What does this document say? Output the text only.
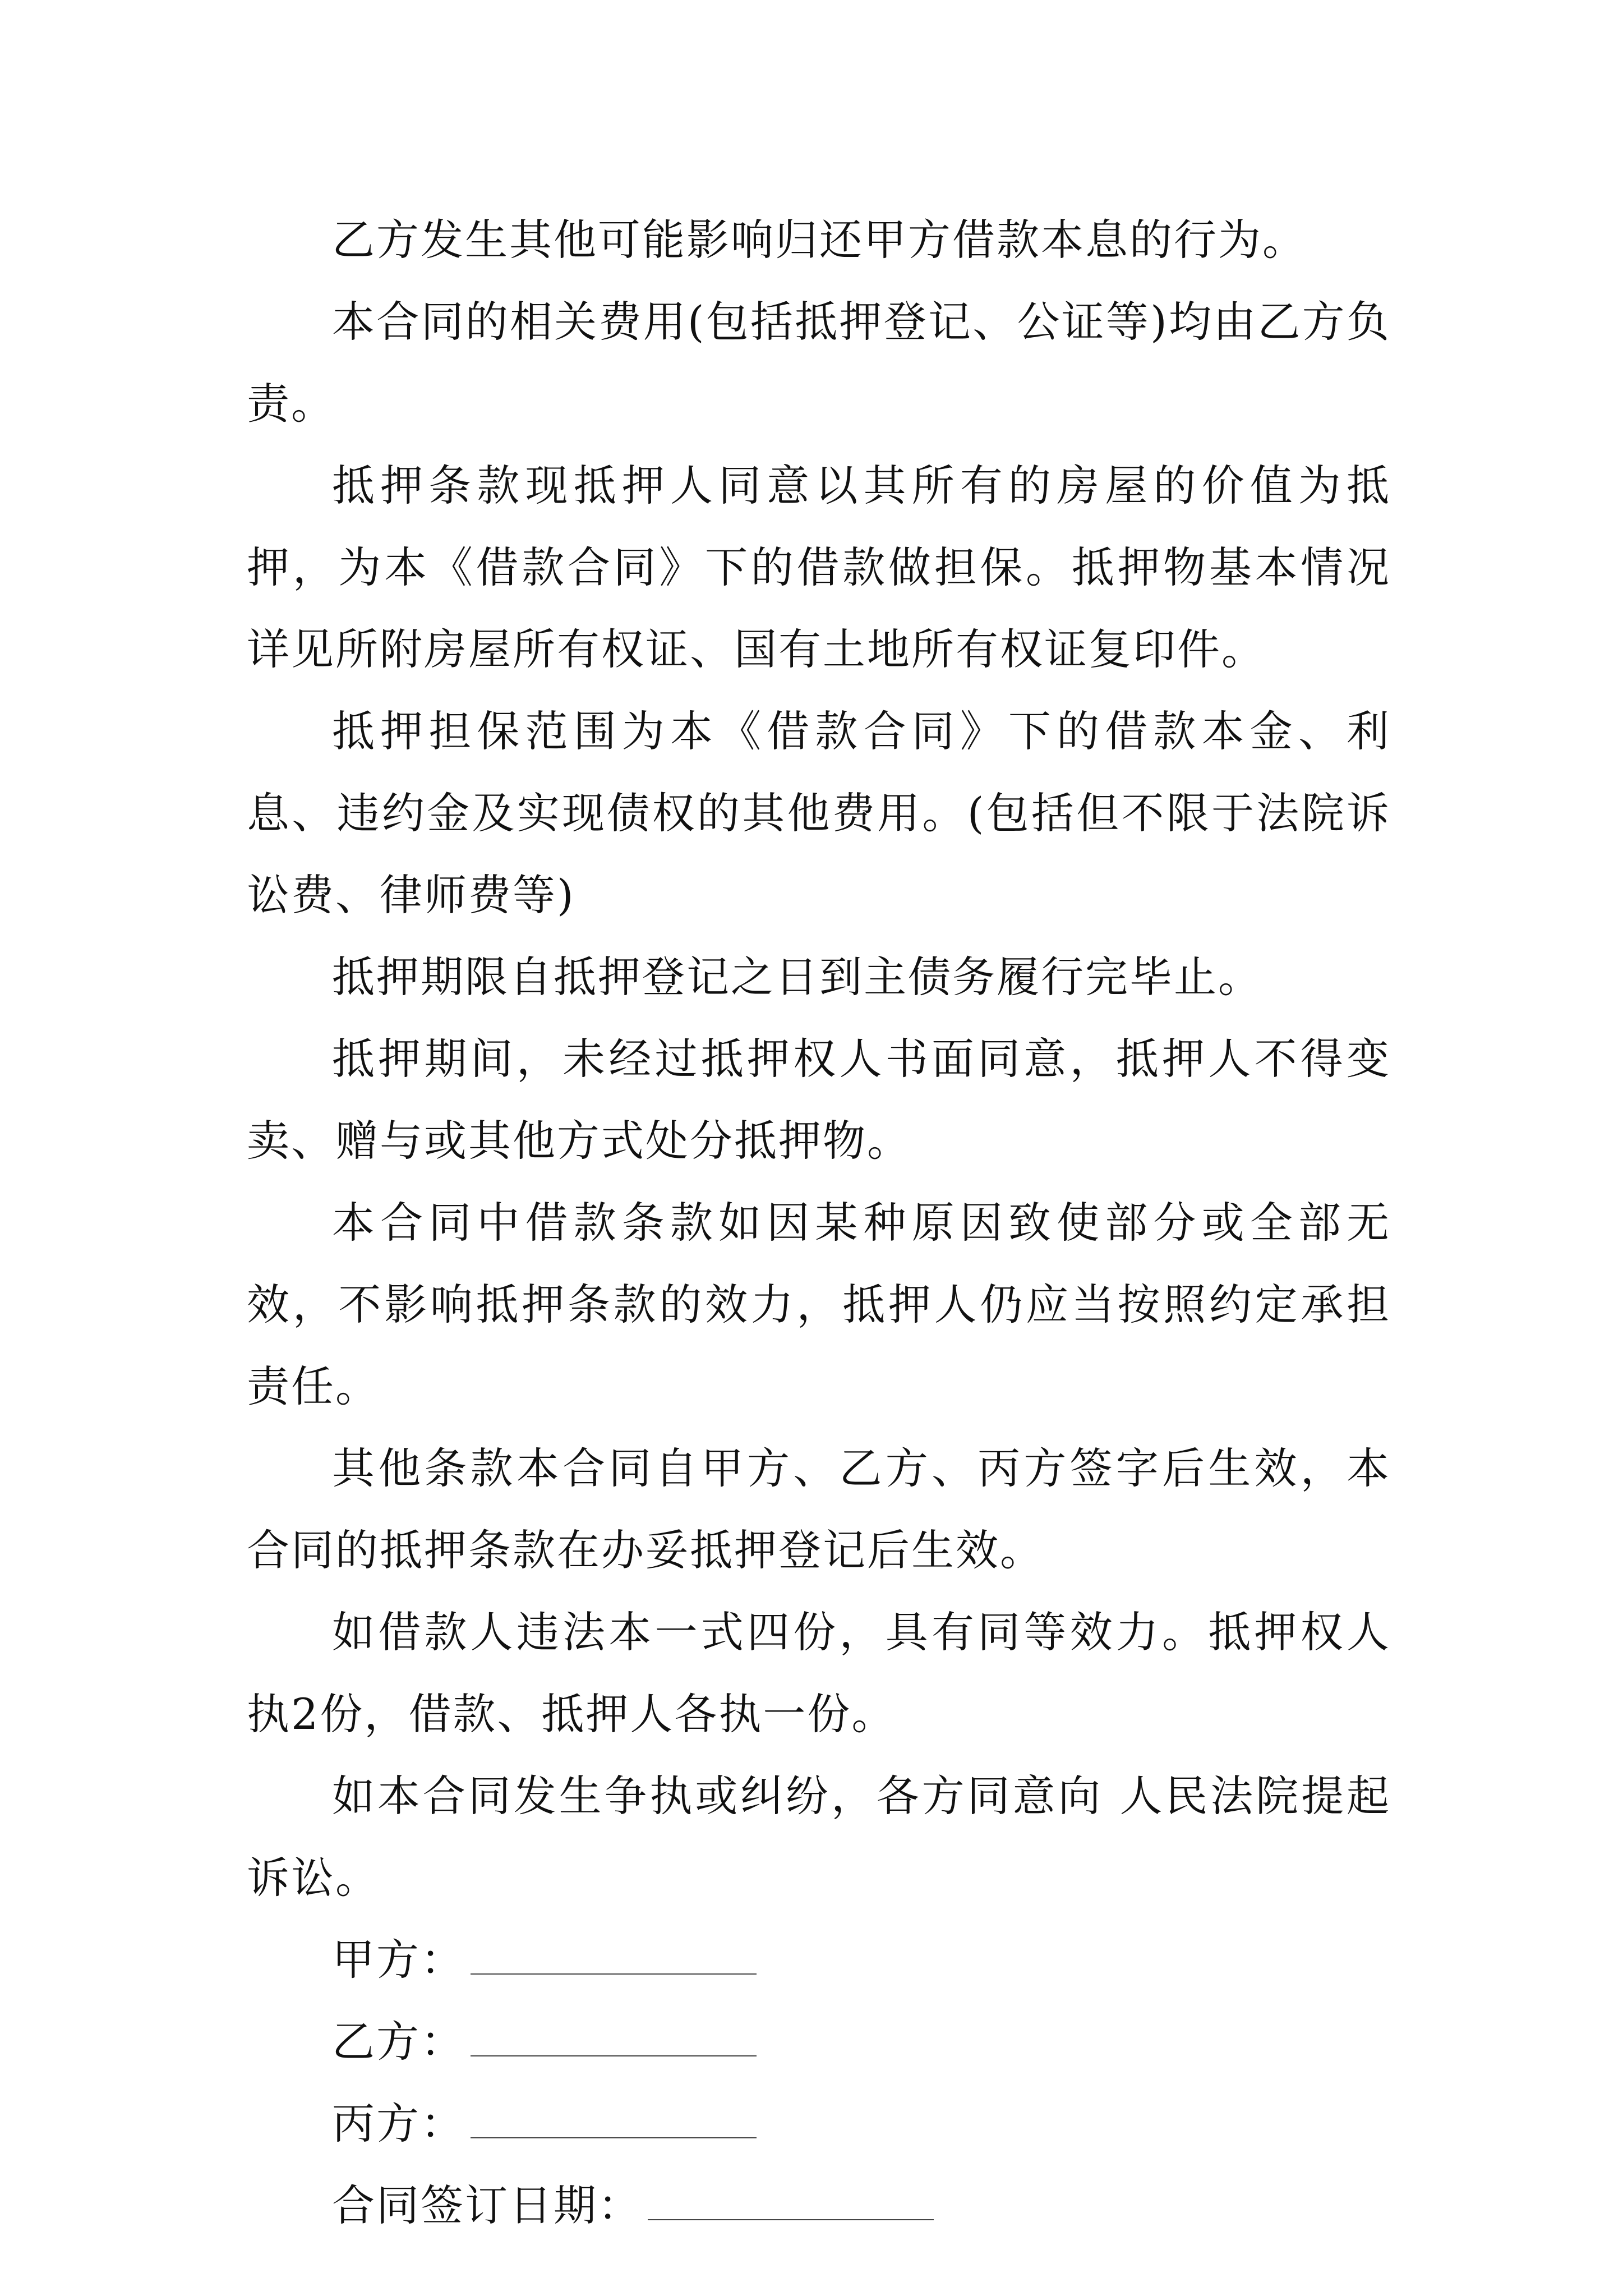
乙方发生其他可能影响归还甲方借款本息的行为。

本合同的相关费用(包括抵押登记、公证等)均由乙方负责。

抵押条款现抵押人同意以其所有的房屋的价值为抵押，为本《借款合同》下的借款做担保。抵押物基本情况详见所附房屋所有权证、国有土地所有权证复印件。

抵押担保范围为本《借款合同》下的借款本金、利息、违约金及实现债权的其他费用。(包括但不限于法院诉讼费、律师费等)

抵押期限自抵押登记之日到主债务履行完毕止。

抵押期间，未经过抵押权人书面同意，抵押人不得变卖、赠与或其他方式处分抵押物。

本合同中借款条款如因某种原因致使部分或全部无效，不影响抵押条款的效力，抵押人仍应当按照约定承担责任。

其他条款本合同自甲方、乙方、丙方签字后生效，本合同的抵押条款在办妥抵押登记后生效。

如借款人违法本一式四份，具有同等效力。抵押权人执2份，借款、抵押人各执一份。

如本合同发生争执或纠纷，各方同意向 人民法院提起诉讼。

甲方：

乙方：

丙方：

合同签订日期：
